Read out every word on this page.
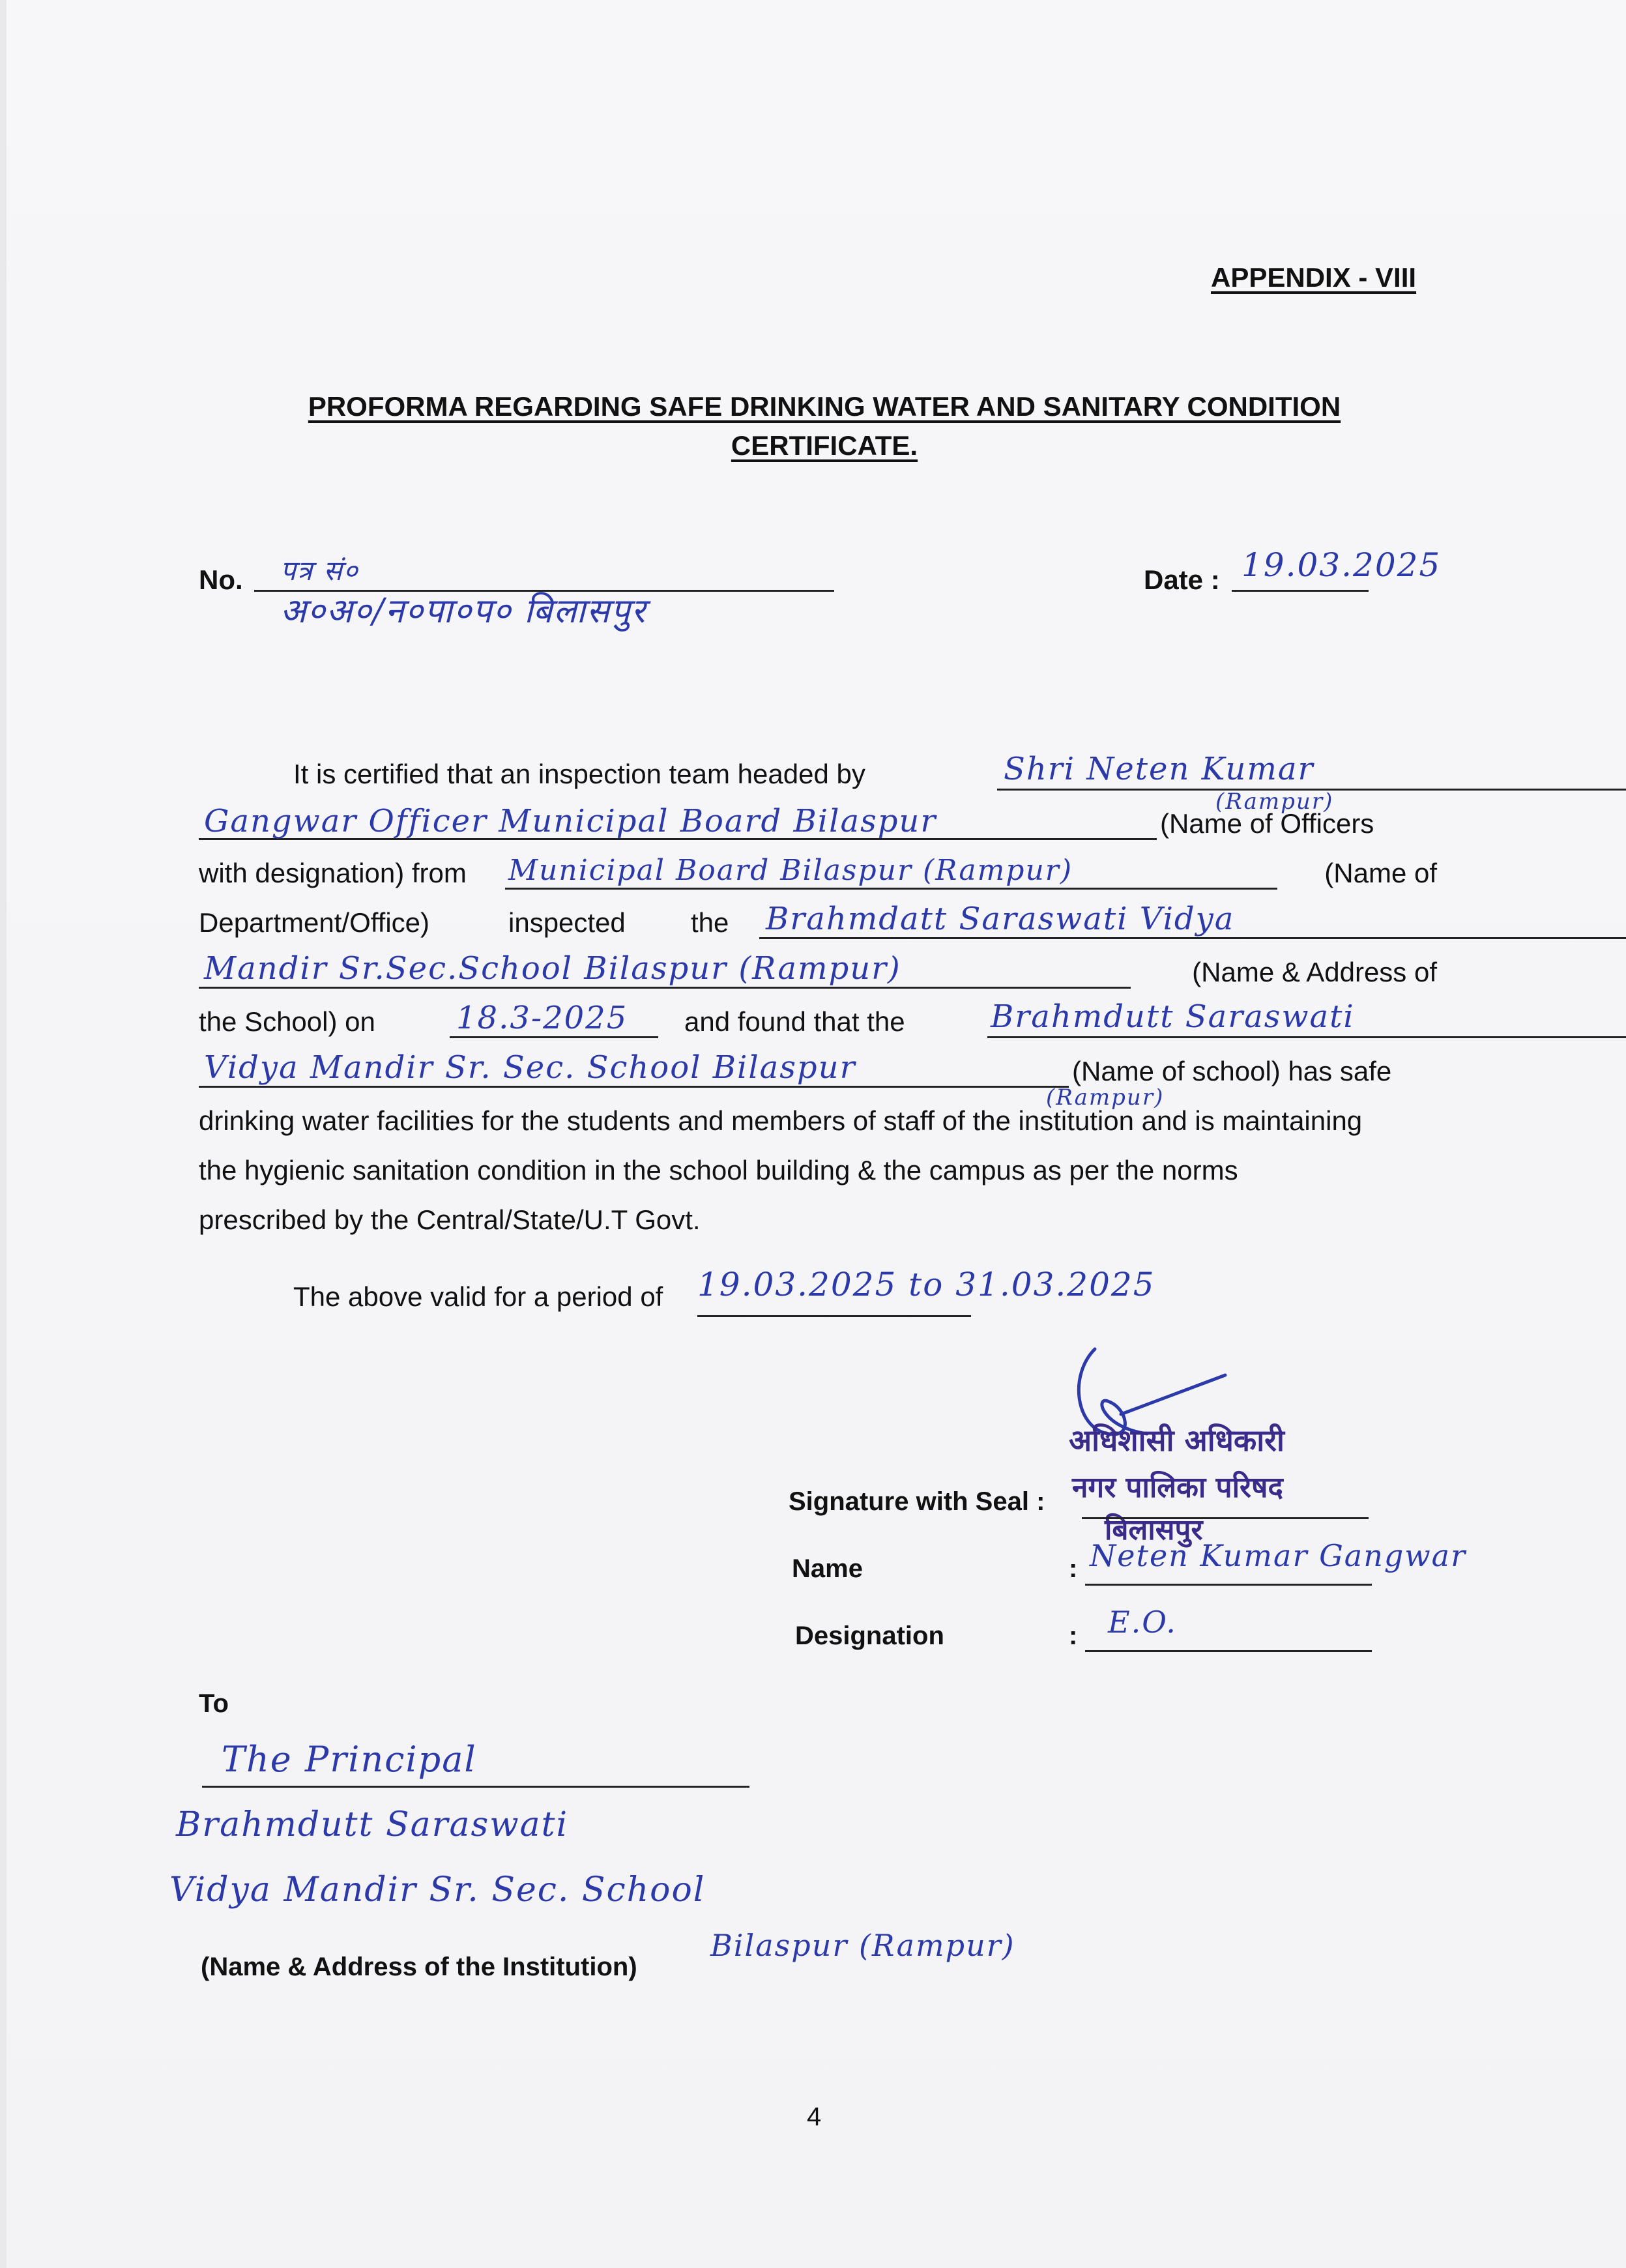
APPENDIX - VIII
PROFORMA REGARDING SAFE DRINKING WATER AND SANITARY CONDITION
CERTIFICATE.
No. पत्र सं०
अ०अ०/न०पा०प० बिलासपुर
Date : 19.03.2025
It is certified that an inspection team headed by	Shri Neten Kumar
Gangwar Officer Municipal Board Bilaspur
(Rampur)
(Name of Officers
with designation) from Municipal Board Bilaspur (Rampur)	(Name of
Department/Office)	inspected the Brahmdatt Saraswati Vidya
Mandir Sr.Sec.School Bilaspur (Rampur)	(Name & Address of
the School) on	18.3-2025 and found that the	Brahmdutt Saraswati
Vidya Mandir Sr. Sec. School Bilaspur
(Rampur)
(Name of school) has safe
drinking water facilities for the students and members of staff of the institution and is maintaining
the hygienic sanitation condition in the school building & the campus as per the norms
prescribed by the Central/State/U.T Govt.
The above valid for a period of 19.03.2025 to 31.03.2025
अधिशासी अधिकारी
नगर पालिका परिषद
बिलासपुर
Signature with Seal :
Name	: Neten Kumar Gangwar
Designation	: E.O.
To
The Principal
Brahmdutt Saraswati
Vidya Mandir Sr. Sec. School
Bilaspur (Rampur)
(Name & Address of the Institution)
4
